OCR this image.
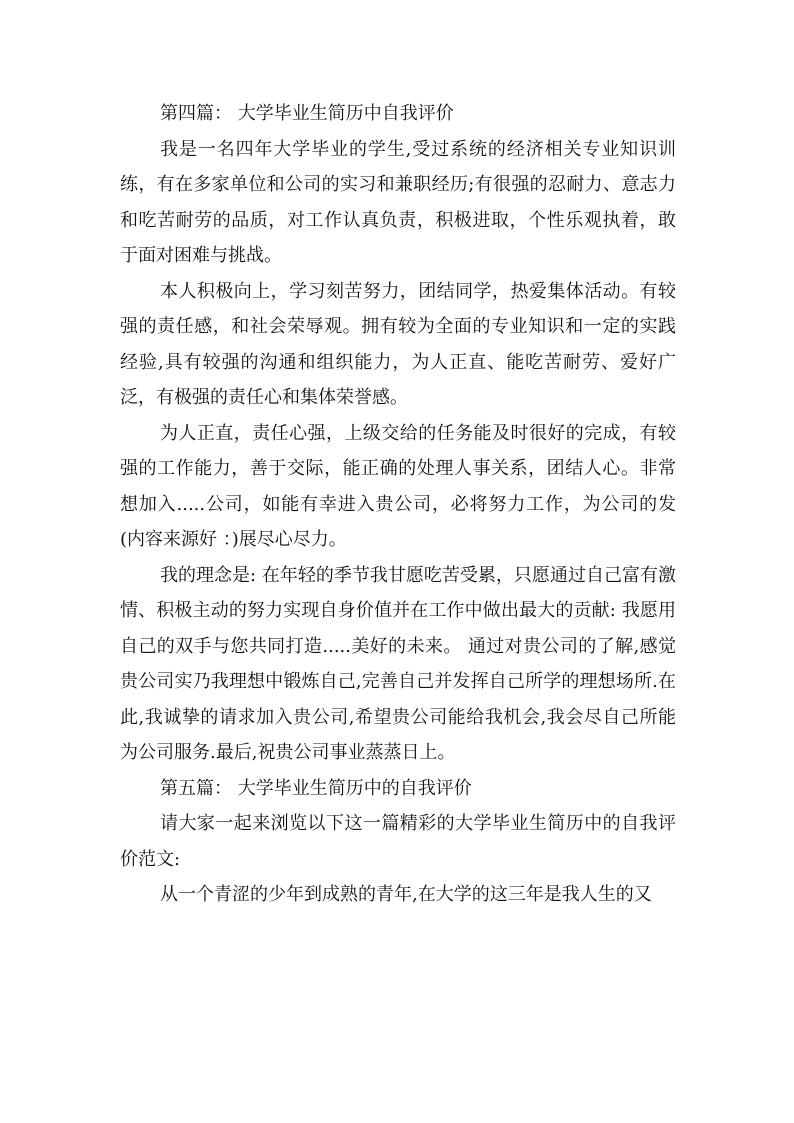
第四篇： 大学毕业生简历中自我评价

我是一名四年大学毕业的学生,受过系统的经济相关专业知识训练，有在多家单位和公司的实习和兼职经历;有很强的忍耐力、意志力和吃苦耐劳的品质，对工作认真负责，积极进取，个性乐观执着，敢于面对困难与挑战。

本人积极向上，学习刻苦努力，团结同学，热爱集体活动。有较强的责任感，和社会荣辱观。拥有较为全面的专业知识和一定的实践经验,具有较强的沟通和组织能力，为人正直、能吃苦耐劳、爱好广泛，有极强的责任心和集体荣誉感。

为人正直，责任心强，上级交给的任务能及时很好的完成，有较强的工作能力，善于交际，能正确的处理人事关系，团结人心。非常想加入.....公司，如能有幸进入贵公司，必将努力工作，为公司的发(内容来源好 ：)展尽心尽力。

我的理念是: 在年轻的季节我甘愿吃苦受累，只愿通过自己富有激情、积极主动的努力实现自身价值并在工作中做出最大的贡献: 我愿用自己的双手与您共同打造.....美好的未来。 通过对贵公司的了解,感觉贵公司实乃我理想中锻炼自己,完善自己并发挥自己所学的理想场所.在此,我诚挚的请求加入贵公司,希望贵公司能给我机会,我会尽自己所能为公司服务.最后,祝贵公司事业蒸蒸日上。

第五篇： 大学毕业生简历中的自我评价

请大家一起来浏览以下这一篇精彩的大学毕业生简历中的自我评价范文:

从一个青涩的少年到成熟的青年,在大学的这三年是我人生的又
